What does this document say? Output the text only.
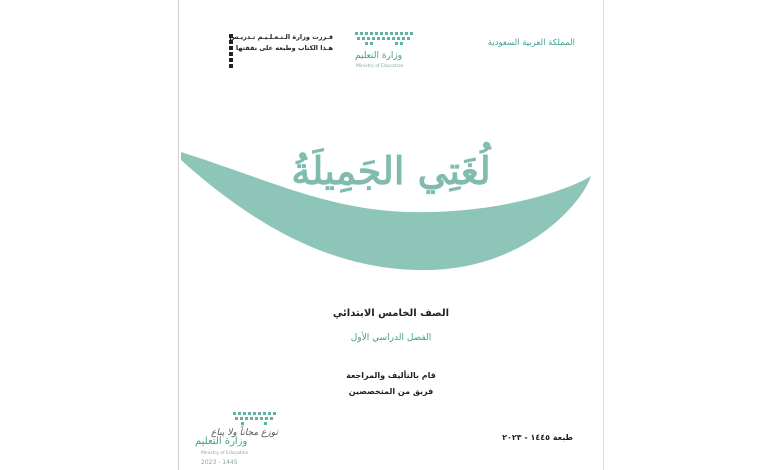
المملكة العربية السعودية
وزارة التعليم
Ministry of Education
قـررت وزارة الـتـعـلـيـم تـدريـس
هـذا الكتاب وطبعه على نفقتها
لُغَتِي الجَمِيلَةُ
الصف الخامس الابتدائي
الفصل الدراسي الأول
قام بالتأليف والمراجعة
فريق من المتخصصين
طبعة ١٤٤٥ - ٢٠٢٣
توزع مجاناً ولا يباع
وزارة التعليم
Ministry of Education
2023 - 1445
